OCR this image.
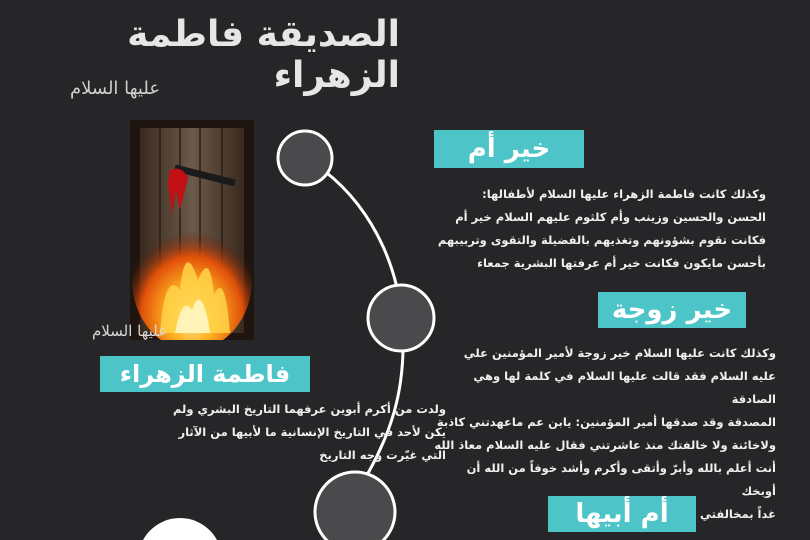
الصديقة فاطمة الزهراء
عليها السلام
عليها السلام
فاطمة الزهراء
ولدت من أكرم أبوين عرفهما التاريخ البشري ولم
يكن لأحد في التاريخ الإنسانية ما لأبيها من الآثار
التي غيّرت وجه التاريخ
خير أم
وكذلك كانت فاطمة الزهراء عليها السلام لأطفالها:
الحسن والحسين وزينب وأم كلثوم عليهم السلام خير أم
فكانت تقوم بشؤونهم وتغذيهم بالفضيلة والتقوى وتربيبهم
بأحسن مايكون فكانت خير أم عرفتها البشرية جمعاء
خير زوجة
وكذلك كانت عليها السلام خير زوجة لأمير المؤمنين علي
عليه السلام فقد قالت عليها السلام في كلمة لها وهي الصادقة
المصدقة وقد صدقها أمير المؤمنين: يابن عم ماعهدتني كاذبة
ولاخائنة ولا خالفتك منذ عاشرتني فقال عليه السلام معاذ الله
أنت أعلم بالله وأبرّ وأتقى وأكرم وأشد خوفاً من الله أن أوبخك
غداً بمخالفتي
أم أبيها
